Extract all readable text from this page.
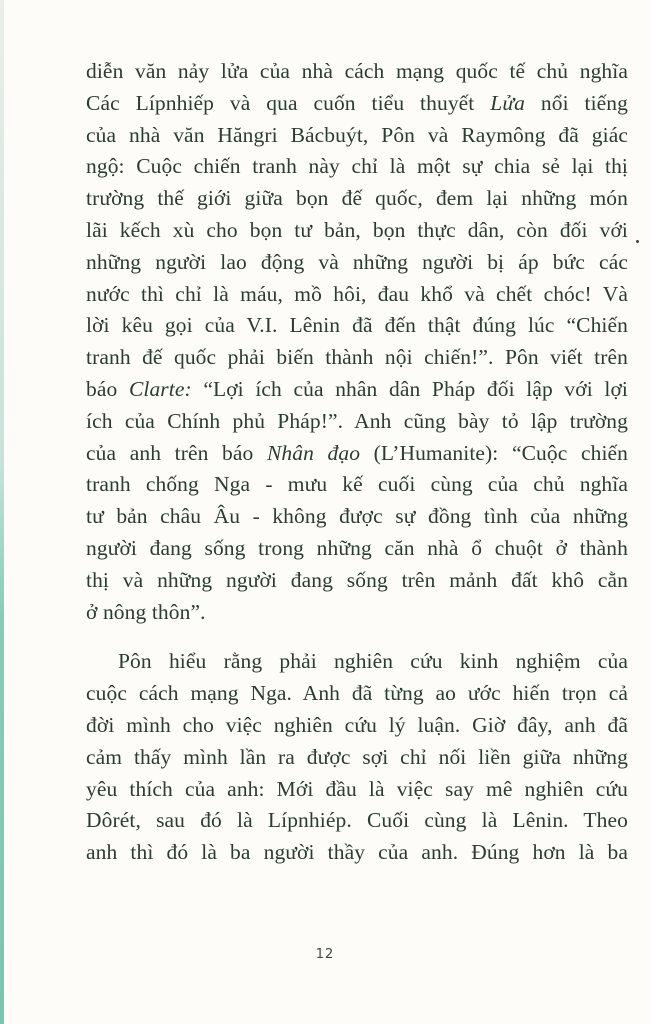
diễn văn nảy lửa của nhà cách mạng quốc tế chủ nghĩa
Các Lípnhiếp và qua cuốn tiểu thuyết Lửa nổi tiếng
của nhà văn Hăngri Bácbuýt, Pôn và Raymông đã giác
ngộ: Cuộc chiến tranh này chỉ là một sự chia sẻ lại thị
trường thế giới giữa bọn đế quốc, đem lại những món
lãi kếch xù cho bọn tư bản, bọn thực dân, còn đối với
những người lao động và những người bị áp bức các
nước thì chỉ là máu, mồ hôi, đau khổ và chết chóc! Và
lời kêu gọi của V.I. Lênin đã đến thật đúng lúc “Chiến
tranh đế quốc phải biến thành nội chiến!”. Pôn viết trên
báo Clarte: “Lợi ích của nhân dân Pháp đối lập với lợi
ích của Chính phủ Pháp!”. Anh cũng bày tỏ lập trường
của anh trên báo Nhân đạo (L’Humanite): “Cuộc chiến
tranh chống Nga - mưu kế cuối cùng của chủ nghĩa
tư bản châu Âu - không được sự đồng tình của những
người đang sống trong những căn nhà ổ chuột ở thành
thị và những người đang sống trên mảnh đất khô cằn
ở nông thôn”.
Pôn hiểu rằng phải nghiên cứu kinh nghiệm của
cuộc cách mạng Nga. Anh đã từng ao ước hiến trọn cả
đời mình cho việc nghiên cứu lý luận. Giờ đây, anh đã
cảm thấy mình lần ra được sợi chỉ nối liền giữa những
yêu thích của anh: Mới đầu là việc say mê nghiên cứu
Dôrét, sau đó là Lípnhiép. Cuối cùng là Lênin. Theo
anh thì đó là ba người thầy của anh. Đúng hơn là ba
12
